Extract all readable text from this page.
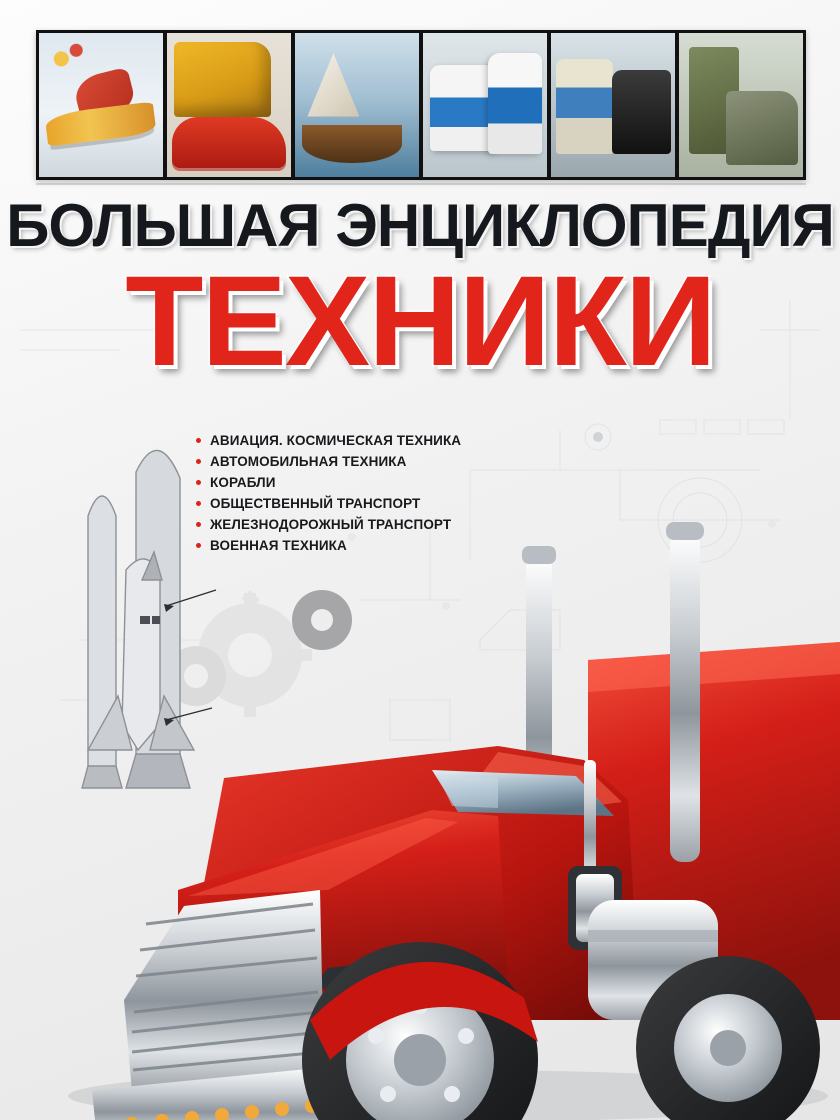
БОЛЬШАЯ ЭНЦИКЛОПЕДИЯ
ТЕХНИКИ
АВИАЦИЯ. КОСМИЧЕСКАЯ ТЕХНИКА
АВТОМОБИЛЬНАЯ ТЕХНИКА
КОРАБЛИ
ОБЩЕСТВЕННЫЙ ТРАНСПОРТ
ЖЕЛЕЗНОДОРОЖНЫЙ ТРАНСПОРТ
ВОЕННАЯ ТЕХНИКА
